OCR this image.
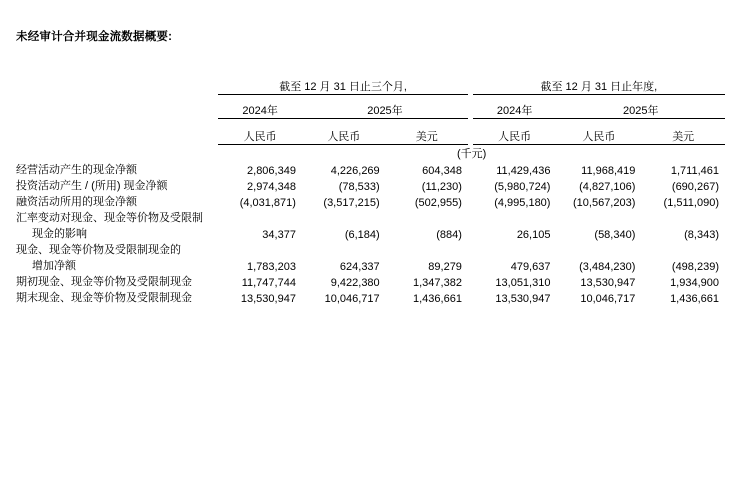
未经审计合并现金流数据概要:
	截至 12 月 31 日止三个月,				截至 12 月 31 日止年度,		

	2024年	2025年			2024年	2025年	

	人民币	人民币	美元		人民币	人民币	美元
	(千元)						
经营活动产生的现金净额	2,806,349	4,226,269	604,348		11,429,436	11,968,419	1,711,461
投资活动产生 / (所用) 现金净额	2,974,348	(78,533)	(11,230)		(5,980,724)	(4,827,106)	(690,267)
融资活动所用的现金净额	(4,031,871)	(3,517,215)	(502,955)		(4,995,180)	(10,567,203)	(1,511,090)
汇率变动对现金、现金等价物及受限制							
现金的影响	34,377	(6,184)	(884)		26,105	(58,340)	(8,343)
现金、现金等价物及受限制现金的							
增加净额	1,783,203	624,337	89,279		479,637	(3,484,230)	(498,239)
期初现金、现金等价物及受限制现金	11,747,744	9,422,380	1,347,382		13,051,310	13,530,947	1,934,900
期末现金、现金等价物及受限制现金	13,530,947	10,046,717	1,436,661		13,530,947	10,046,717	1,436,661
